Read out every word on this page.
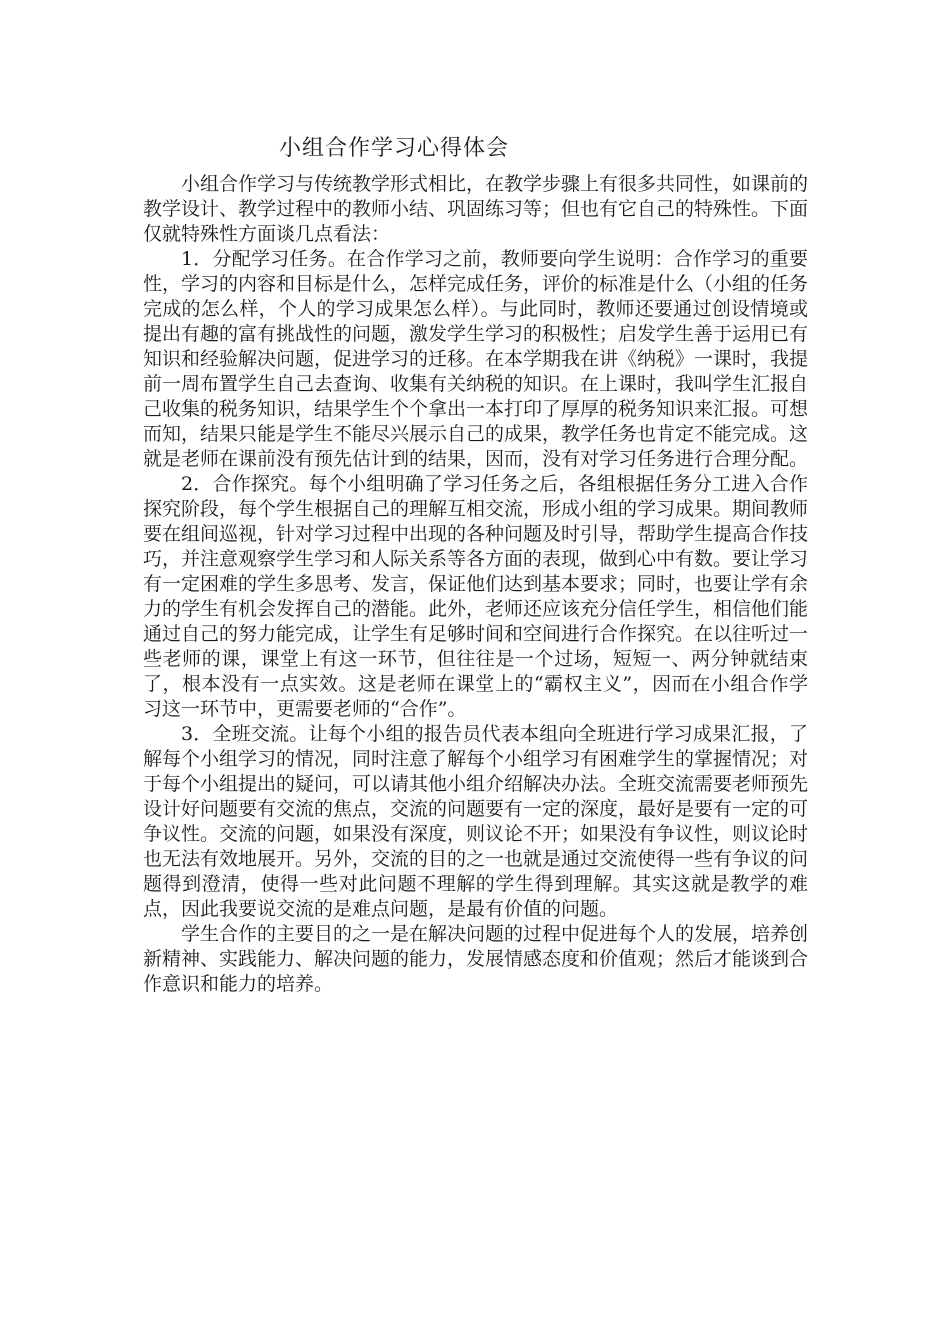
小组合作学习心得体会

小组合作学习与传统教学形式相比，在教学步骤上有很多共同性，如课前的教学设计、教学过程中的教师小结、巩固练习等；但也有它自己的特殊性。下面仅就特殊性方面谈几点看法：

1．分配学习任务。在合作学习之前，教师要向学生说明：合作学习的重要性，学习的内容和目标是什么，怎样完成任务，评价的标准是什么（小组的任务完成的怎么样，个人的学习成果怎么样）。与此同时，教师还要通过创设情境或提出有趣的富有挑战性的问题，激发学生学习的积极性；启发学生善于运用已有知识和经验解决问题，促进学习的迁移。在本学期我在讲《纳税》一课时，我提前一周布置学生自己去查询、收集有关纳税的知识。在上课时，我叫学生汇报自己收集的税务知识，结果学生个个拿出一本打印了厚厚的税务知识来汇报。可想而知，结果只能是学生不能尽兴展示自己的成果，教学任务也肯定不能完成。这就是老师在课前没有预先估计到的结果，因而，没有对学习任务进行合理分配。

2．合作探究。每个小组明确了学习任务之后，各组根据任务分工进入合作探究阶段，每个学生根据自己的理解互相交流，形成小组的学习成果。期间教师要在组间巡视，针对学习过程中出现的各种问题及时引导，帮助学生提高合作技巧，并注意观察学生学习和人际关系等各方面的表现，做到心中有数。要让学习有一定困难的学生多思考、发言，保证他们达到基本要求；同时，也要让学有余力的学生有机会发挥自己的潜能。此外，老师还应该充分信任学生，相信他们能通过自己的努力能完成，让学生有足够时间和空间进行合作探究。在以往听过一些老师的课，课堂上有这一环节，但往往是一个过场，短短一、两分钟就结束了，根本没有一点实效。这是老师在课堂上的“霸权主义”，因而在小组合作学习这一环节中，更需要老师的“合作”。

3．全班交流。让每个小组的报告员代表本组向全班进行学习成果汇报，了解每个小组学习的情况，同时注意了解每个小组学习有困难学生的掌握情况；对于每个小组提出的疑问，可以请其他小组介绍解决办法。全班交流需要老师预先设计好问题要有交流的焦点，交流的问题要有一定的深度，最好是要有一定的可争议性。交流的问题，如果没有深度，则议论不开；如果没有争议性，则议论时也无法有效地展开。另外，交流的目的之一也就是通过交流使得一些有争议的问题得到澄清，使得一些对此问题不理解的学生得到理解。其实这就是教学的难点，因此我要说交流的是难点问题，是最有价值的问题。

学生合作的主要目的之一是在解决问题的过程中促进每个人的发展，培养创新精神、实践能力、解决问题的能力，发展情感态度和价值观；然后才能谈到合作意识和能力的培养。
